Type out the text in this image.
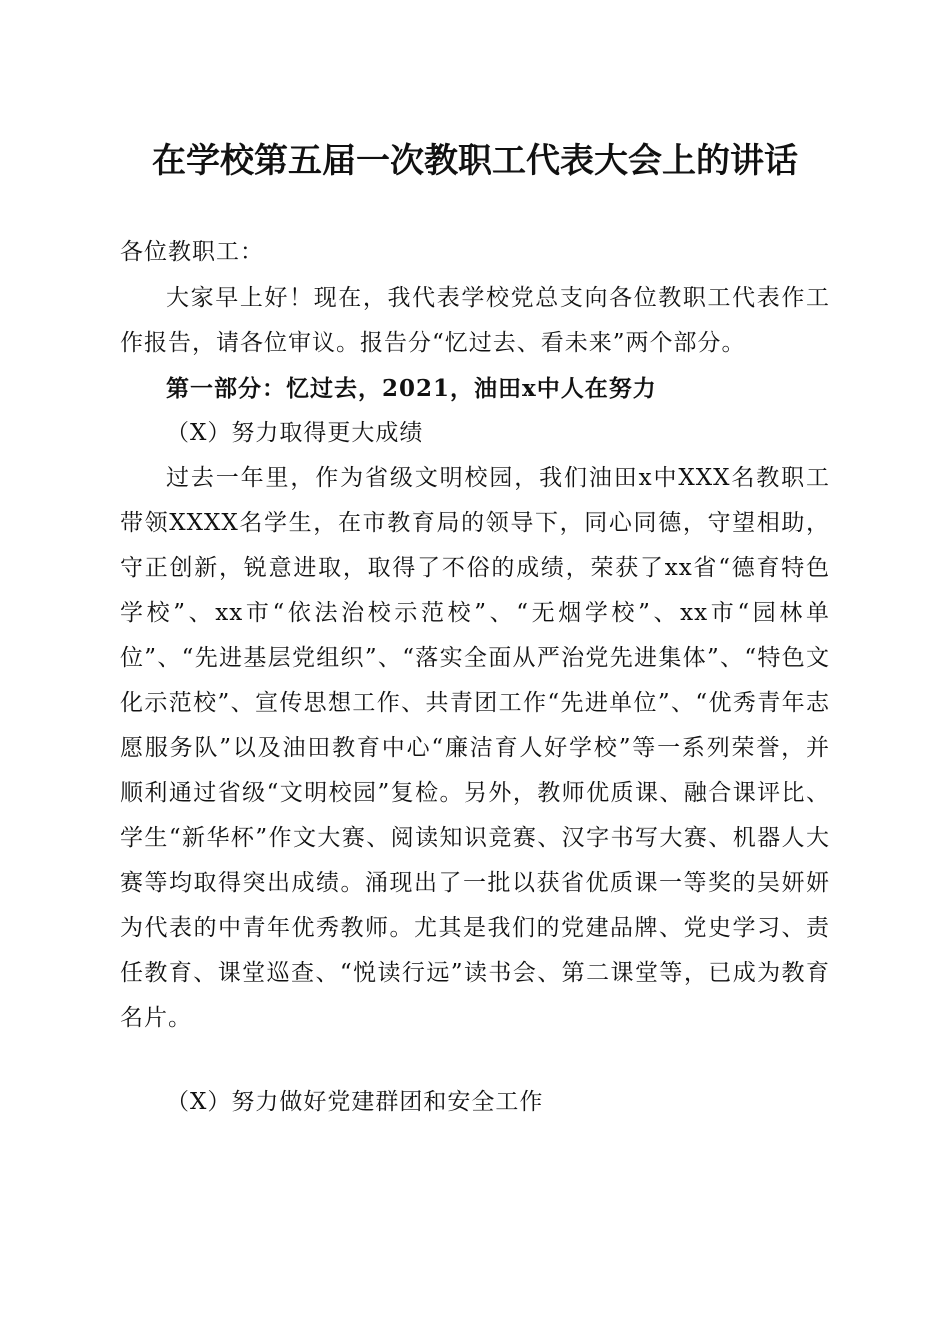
在学校第五届一次教职工代表大会上的讲话

各位教职工：

大家早上好！现在，我代表学校党总支向各位教职工代表作工作报告，请各位审议。报告分“忆过去、看未来”两个部分。

第一部分：忆过去，2021，油田x中人在努力

（X）努力取得更大成绩

过去一年里，作为省级文明校园，我们油田x中XXX名教职工带领XXXX名学生，在市教育局的领导下，同心同德，守望相助，守正创新，锐意进取，取得了不俗的成绩，荣获了xx省“德育特色学校”、xx市“依法治校示范校”、“无烟学校”、xx市“园林单位”、“先进基层党组织”、“落实全面从严治党先进集体”、“特色文化示范校”、宣传思想工作、共青团工作“先进单位”、“优秀青年志愿服务队”以及油田教育中心“廉洁育人好学校”等一系列荣誉，并顺利通过省级“文明校园”复检。另外，教师优质课、融合课评比、学生“新华杯”作文大赛、阅读知识竞赛、汉字书写大赛、机器人大赛等均取得突出成绩。涌现出了一批以获省优质课一等奖的吴妍妍为代表的中青年优秀教师。尤其是我们的党建品牌、党史学习、责任教育、课堂巡查、“悦读行远”读书会、第二课堂等，已成为教育名片。

（X）努力做好党建群团和安全工作
